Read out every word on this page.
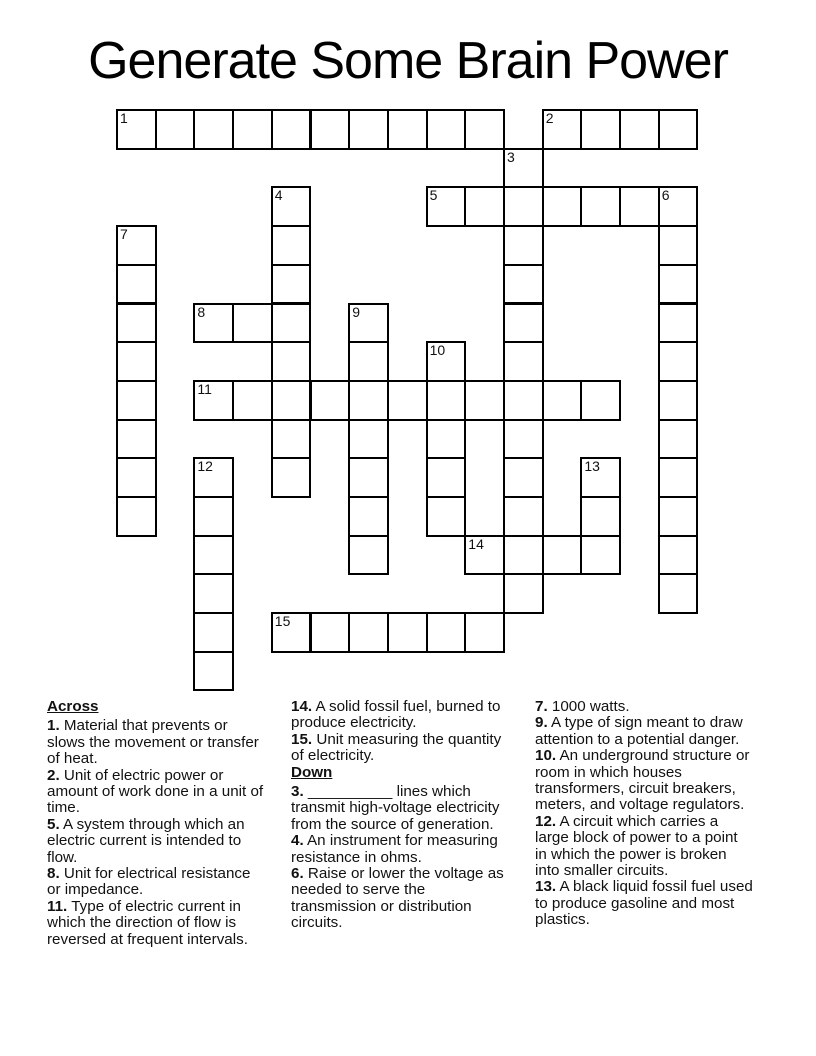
Generate Some Brain Power
1	2
3
4	5	6
7
8	9
10
11
12	13
14
15
Across
1. Material that prevents or slows the movement or transfer of heat.
2. Unit of electric power or amount of work done in a unit of time.
5. A system through which an electric current is intended to flow.
8. Unit for electrical resistance or impedance.
11. Type of electric current in which the direction of flow is reversed at frequent intervals.
14. A solid fossil fuel, burned to produce electricity.
15. Unit measuring the quantity of electricity.
Down
3. __________ lines which transmit high-voltage electricity from the source of generation.
4. An instrument for measuring resistance in ohms.
6. Raise or lower the voltage as needed to serve the transmission or distribution circuits.
7. 1000 watts.
9. A type of sign meant to draw attention to a potential danger.
10. An underground structure or room in which houses transformers, circuit breakers, meters, and voltage regulators.
12. A circuit which carries a large block of power to a point in which the power is broken into smaller circuits.
13. A black liquid fossil fuel used to produce gasoline and most plastics.
